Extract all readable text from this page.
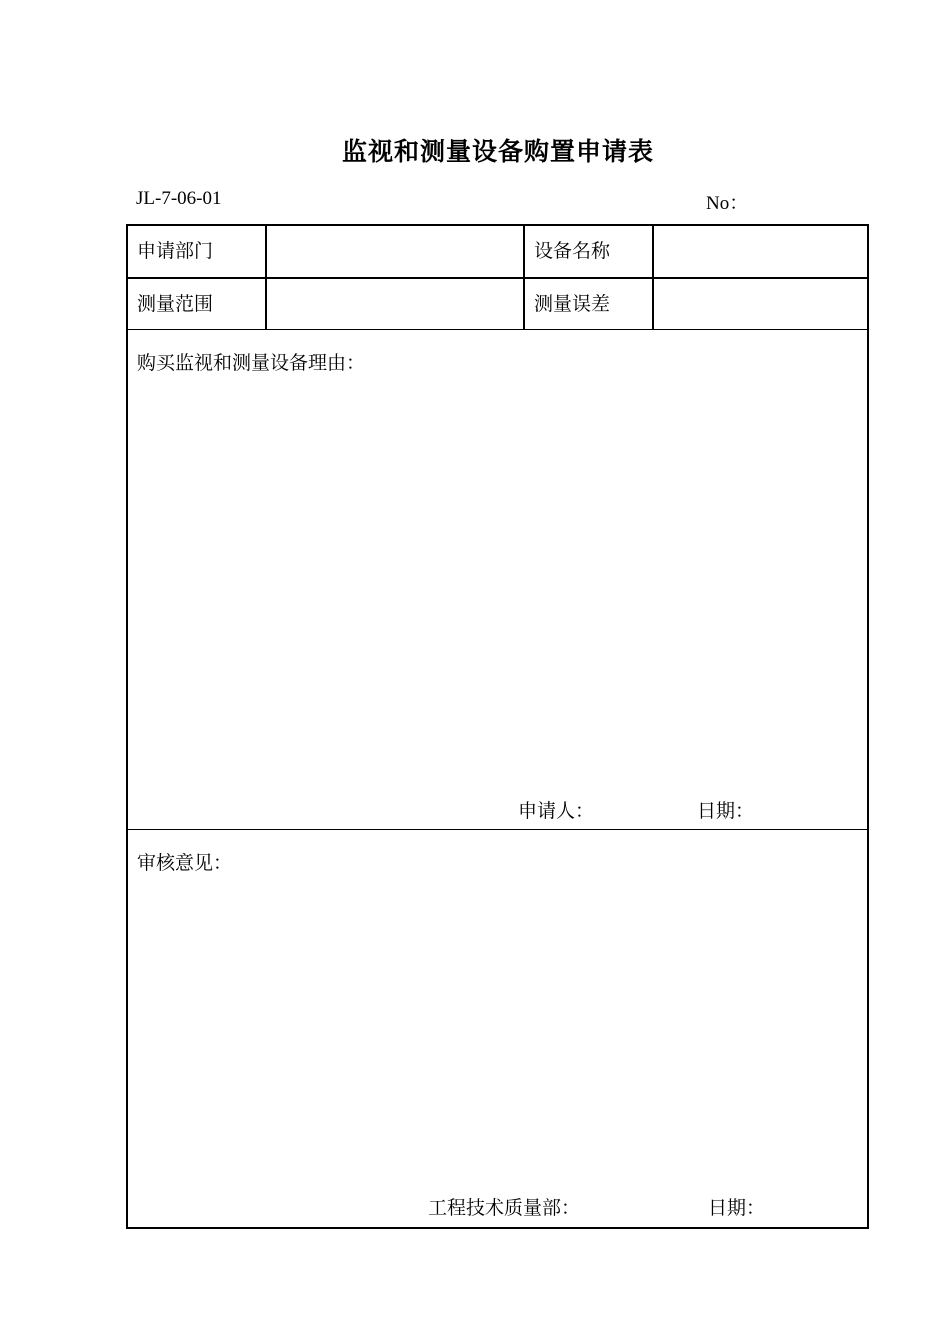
监视和测量设备购置申请表
JL-7-06-01	No：
申请部门	设备名称
测量范围	测量误差
购买监视和测量设备理由：
申请人：	日期：
审核意见：
工程技术质量部：	日期：
